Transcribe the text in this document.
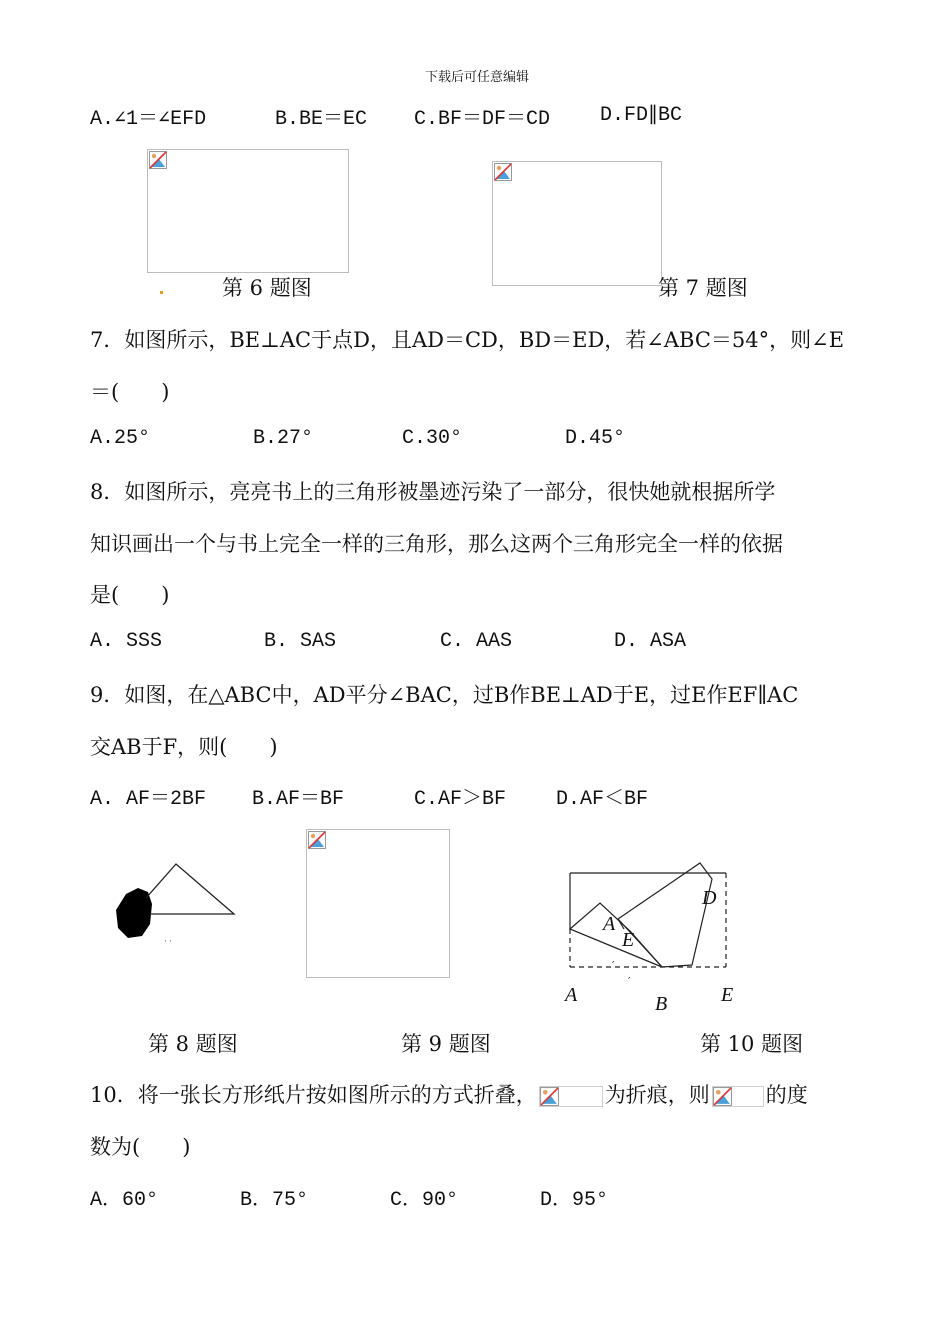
下载后可任意编辑
A.∠1＝∠EFD	B.BE＝EC C.BF＝DF＝CD D.FD∥BC
第 6 题图	第 7 题图
7．如图所示，BE⊥AC于点D，且AD＝CD，BD＝ED，若∠ABC＝54°，则∠E
＝(　　)
A.25°	B.27°	C.30°	D.45°
8．如图所示，亮亮书上的三角形被墨迹污染了一部分，很快她就根据所学
知识画出一个与书上完全一样的三角形，那么这两个三角形完全一样的依据
是(　　)
A. SSS	B. SAS	C. AAS	D. ASA
9．如图，在△ABC中，AD平分∠BAC，过B作BE⊥AD于E，过E作EF∥AC
交AB于F，则(　　)
A. AF＝2BF B.AF＝BF	C.AF＞BF D.AF＜BF
· ·
′
′
A
E
D
A	B	E
第 8 题图	第 9 题图	第 10 题图
10．将一张长方形纸片按如图所示的方式折叠，	为折痕，则	的度
数为(　　)
A．60°	B．75°	C．90°	D．95°
